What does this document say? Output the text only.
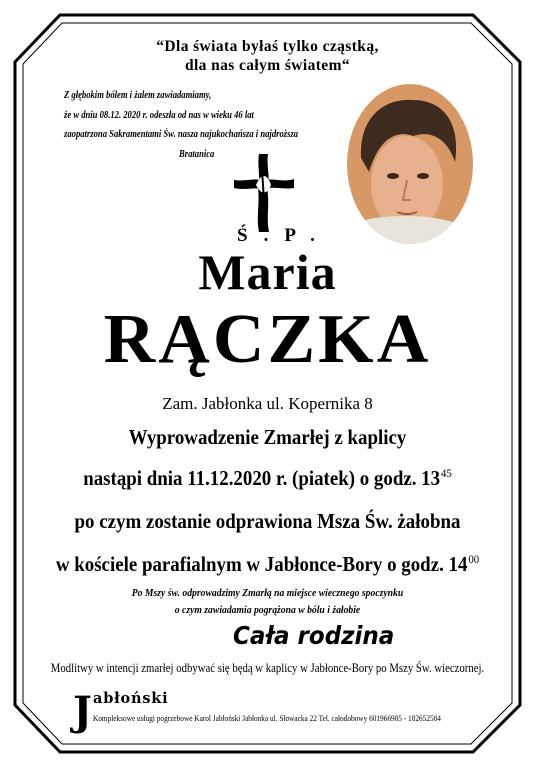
“Dla świata byłaś tylko cząstką,
dla nas całym światem“
Z głębokim bólem i żalem zawiadamiamy,
że w dniu 08.12. 2020 r. odeszła od nas w wieku 46 lat
zaopatrzona Sakramentami Św. nasza najukochańsza i najdroższa
Bratanica
Ś.P.
Maria
RĄCZKA
Zam. Jabłonka ul. Kopernika 8
Wyprowadzenie Zmarłej z kaplicy
nastąpi dnia 11.12.2020 r. (piatek) o godz. $13^{45}$
po czym zostanie odprawiona Msza Św. żałobna
w kościele parafialnym w Jabłonce-Bory o godz. $14^{00}$
Po Mszy św. odprowadzimy Zmarłą na miejsce wiecznego spoczynku
o czym zawiadamia pogrążona w bólu i żałobie
Cała rodzina
Modlitwy w intencji zmarłej odbywać się będą w kaplicy w Jabłonce-Bory po Mszy Św. wieczornej.
J abłoński
Kompleksowe usługi pogrzebowe Karol Jabłoński Jabłonka ul. Słowacka 22 Tel. całodobowy 601966905 - 182652584
